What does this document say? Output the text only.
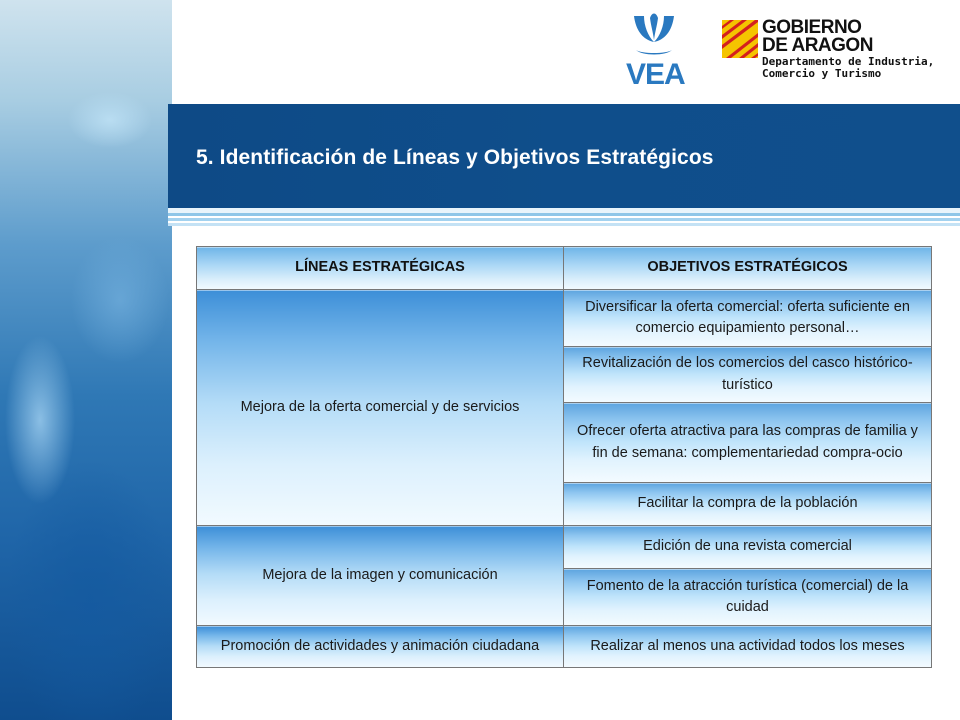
VEA
GOBIERNO
DE ARAGON
Departamento de Industria,
Comercio y Turismo
5. Identificación de Líneas y Objetivos Estratégicos
LÍNEAS ESTRATÉGICAS	OBJETIVOS ESTRATÉGICOS
Mejora de la oferta comercial y de servicios	Diversificar la oferta comercial: oferta suficiente en comercio equipamiento personal…
	Revitalización de los comercios del casco histórico-turístico
	Ofrecer oferta atractiva para las compras de familia y fin de semana: complementariedad compra-ocio
	Facilitar la compra de la población
Mejora de la imagen y comunicación	Edición de una revista comercial
	Fomento de la atracción turística (comercial) de la cuidad
Promoción de actividades y animación ciudadana	Realizar al menos una actividad todos los meses
